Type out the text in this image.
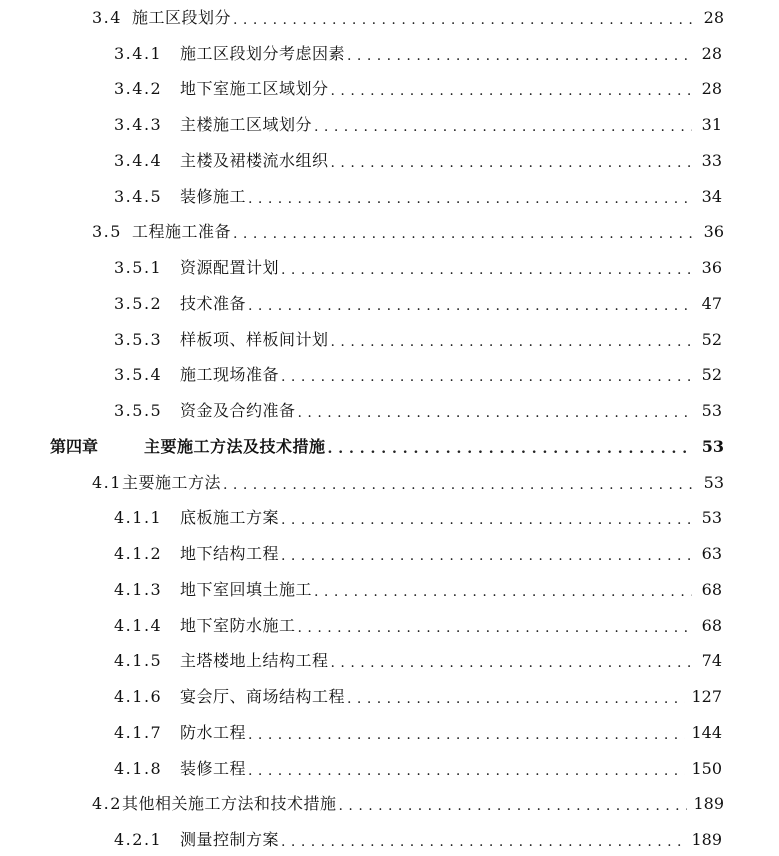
3.4 施工区段划分 . . .	28
3.4.1	施工区段划分考虑因素 . . .	28
3.4.2	地下室施工区域划分 . . .	28
3.4.3	主楼施工区域划分 . . .	31
3.4.4	主楼及裙楼流水组织 . . .	33
3.4.5	装修施工 . . .	34
3.5 工程施工准备 . . .	36
3.5.1	资源配置计划 . . .	36
3.5.2	技术准备 . . .	47
3.5.3	样板项、样板间计划 . . .	52
3.5.4	施工现场准备 . . .	52
3.5.5	资金及合约准备 . . .	53
第四章	主要施工方法及技术措施 . . .	53
4.1 主要施工方法 . . .	53
4.1.1	底板施工方案 . . .	53
4.1.2	地下结构工程 . . .	63
4.1.3	地下室回填土施工 . . .	68
4.1.4	地下室防水施工 . . .	68
4.1.5	主塔楼地上结构工程 . . .	74
4.1.6	宴会厅、商场结构工程 . . .	127
4.1.7	防水工程 . . .	144
4.1.8	装修工程 . . .	150
4.2 其他相关施工方法和技术措施 . . .	189
4.2.1	测量控制方案 . . .	189
